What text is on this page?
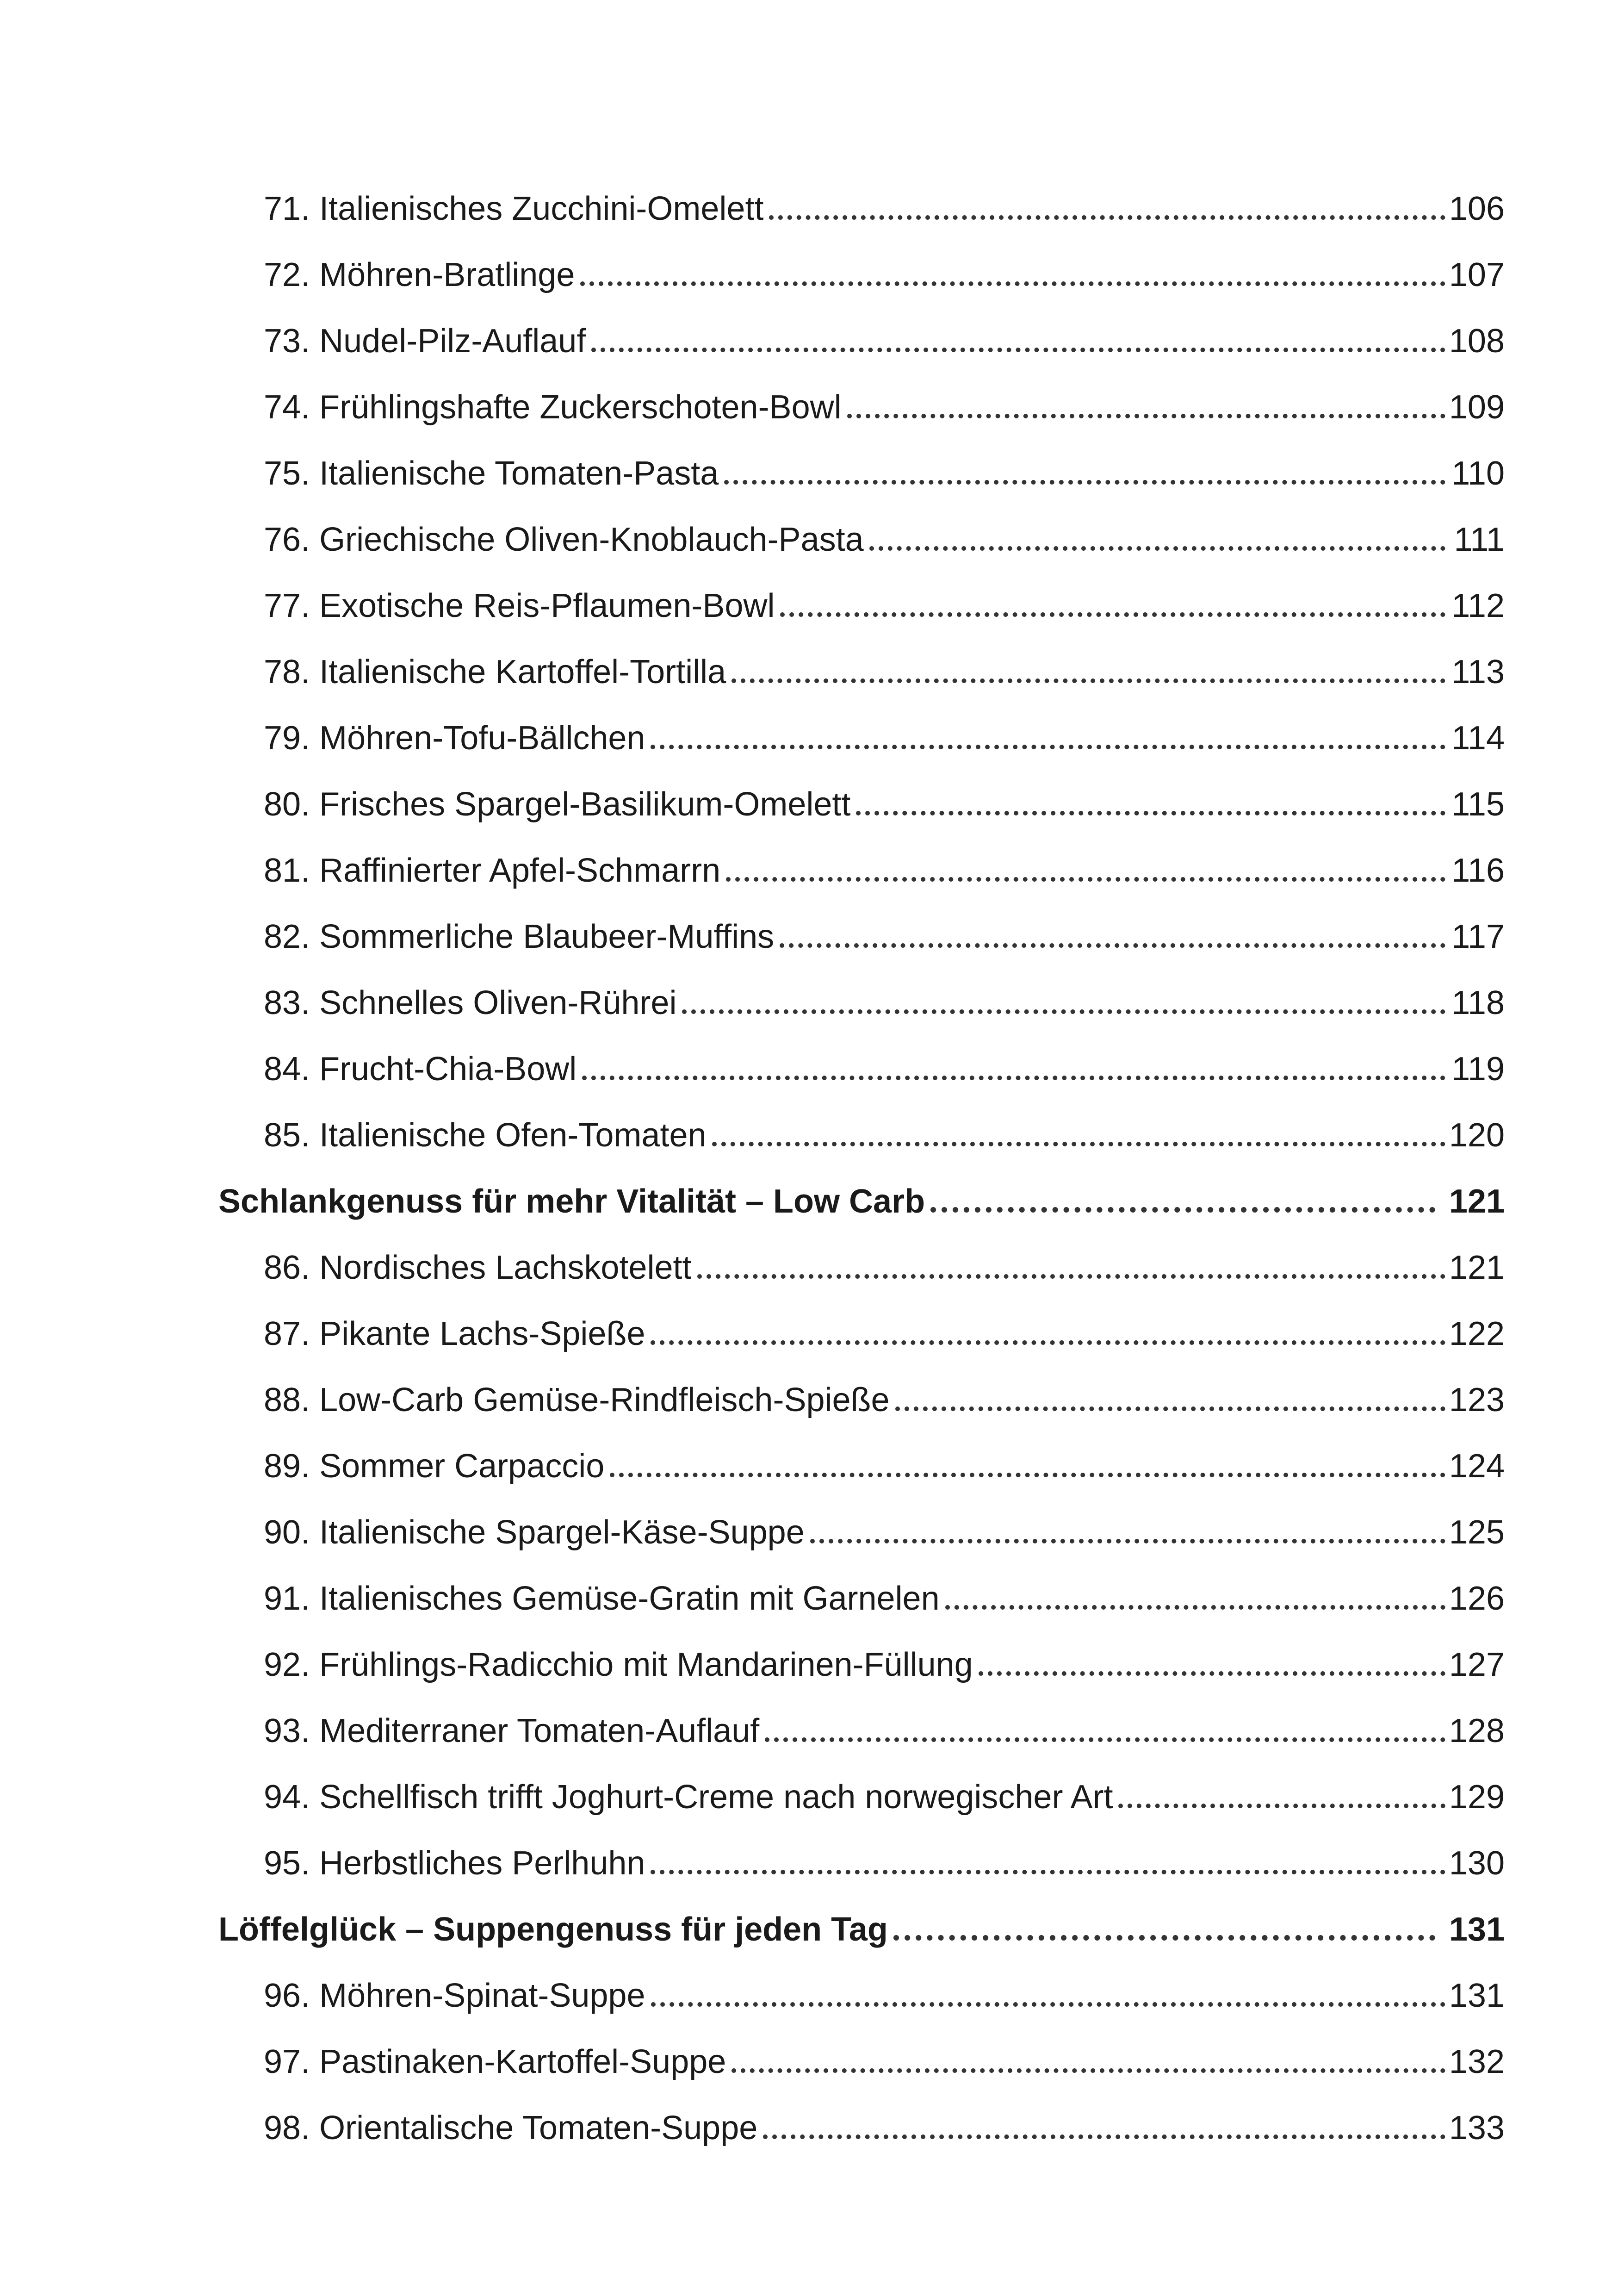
71. Italienisches Zucchini-Omelett	106
72. Möhren-Bratlinge	107
73. Nudel-Pilz-Auflauf	108
74. Frühlingshafte Zuckerschoten-Bowl	109
75. Italienische Tomaten-Pasta	110
76. Griechische Oliven-Knoblauch-Pasta	111
77. Exotische Reis-Pflaumen-Bowl	112
78. Italienische Kartoffel-Tortilla	113
79. Möhren-Tofu-Bällchen	114
80. Frisches Spargel-Basilikum-Omelett	115
81. Raffinierter Apfel-Schmarrn	116
82. Sommerliche Blaubeer-Muffins	117
83. Schnelles Oliven-Rührei	118
84. Frucht-Chia-Bowl	119
85. Italienische Ofen-Tomaten	120
Schlankgenuss für mehr Vitalität – Low Carb	121
86. Nordisches Lachskotelett	121
87. Pikante Lachs-Spieße	122
88. Low-Carb Gemüse-Rindfleisch-Spieße	123
89. Sommer Carpaccio	124
90. Italienische Spargel-Käse-Suppe	125
91. Italienisches Gemüse-Gratin mit Garnelen	126
92. Frühlings-Radicchio mit Mandarinen-Füllung	127
93. Mediterraner Tomaten-Auflauf	128
94. Schellfisch trifft Joghurt-Creme nach norwegischer Art	129
95. Herbstliches Perlhuhn	130
Löffelglück – Suppengenuss für jeden Tag	131
96. Möhren-Spinat-Suppe	131
97. Pastinaken-Kartoffel-Suppe	132
98. Orientalische Tomaten-Suppe	133
